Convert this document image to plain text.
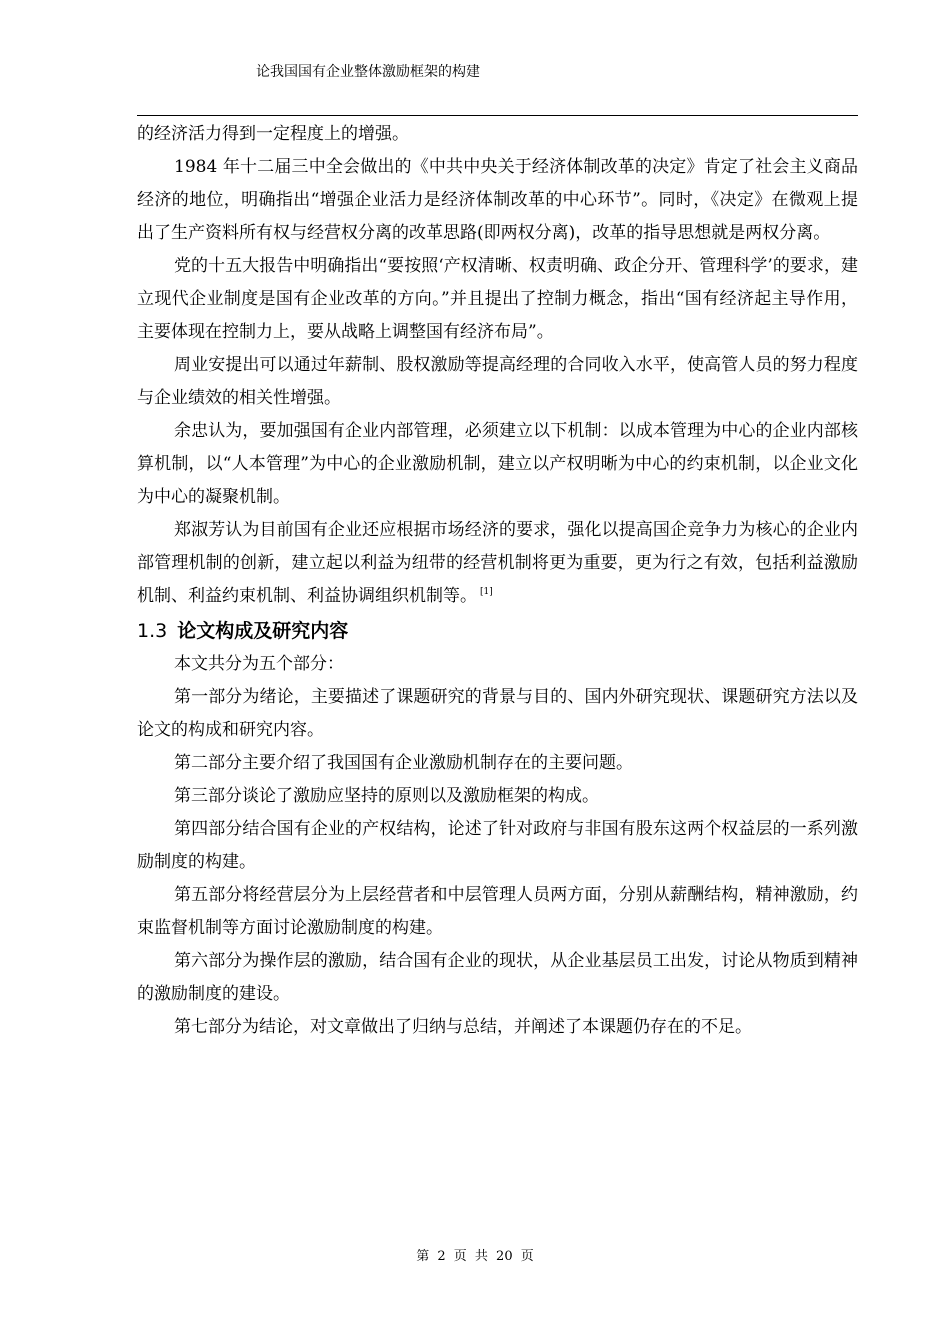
论我国国有企业整体激励框架的构建

的经济活力得到一定程度上的增强。

1984 年十二届三中全会做出的《中共中央关于经济体制改革的决定》肯定了社会主义商品经济的地位，明确指出“增强企业活力是经济体制改革的中心环节”。同时，《决定》在微观上提出了生产资料所有权与经营权分离的改革思路(即两权分离)，改革的指导思想就是两权分离。

党的十五大报告中明确指出“要按照‘产权清晰、权责明确、政企分开、管理科学’的要求，建立现代企业制度是国有企业改革的方向。”并且提出了控制力概念，指出“国有经济起主导作用，主要体现在控制力上，要从战略上调整国有经济布局”。

周业安提出可以通过年薪制、股权激励等提高经理的合同收入水平，使高管人员的努力程度与企业绩效的相关性增强。

余忠认为，要加强国有企业内部管理，必须建立以下机制：以成本管理为中心的企业内部核算机制，以“人本管理”为中心的企业激励机制，建立以产权明晰为中心的约束机制，以企业文化为中心的凝聚机制。

郑淑芳认为目前国有企业还应根据市场经济的要求，强化以提高国企竞争力为核心的企业内部管理机制的创新，建立起以利益为纽带的经营机制将更为重要，更为行之有效，包括利益激励机制、利益约束机制、利益协调组织机制等。 [1]

1.3 论文构成及研究内容

本文共分为五个部分：

第一部分为绪论，主要描述了课题研究的背景与目的、国内外研究现状、课题研究方法以及论文的构成和研究内容。

第二部分主要介绍了我国国有企业激励机制存在的主要问题。

第三部分谈论了激励应坚持的原则以及激励框架的构成。

第四部分结合国有企业的产权结构，论述了针对政府与非国有股东这两个权益层的一系列激励制度的构建。

第五部分将经营层分为上层经营者和中层管理人员两方面，分别从薪酬结构，精神激励，约束监督机制等方面讨论激励制度的构建。

第六部分为操作层的激励，结合国有企业的现状，从企业基层员工出发，讨论从物质到精神的激励制度的建设。

第七部分为结论，对文章做出了归纳与总结，并阐述了本课题仍存在的不足。

第 2 页 共 20 页
